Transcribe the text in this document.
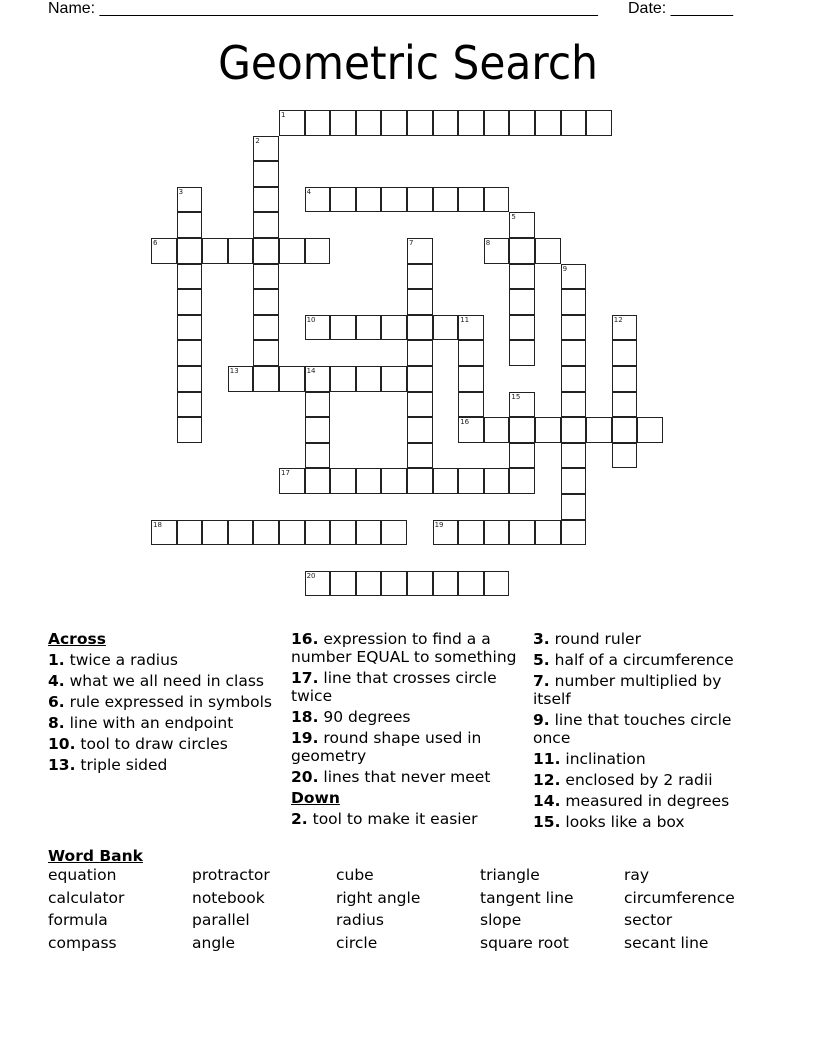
Name: ________________________________________________________ Date: _______
Geometric Search
1
2
3	4
5
6	7	8
9
10	11
16
12
13	14
15
17
18	19
20
Across
1. twice a radius
4. what we all need in class
6. rule expressed in symbols
8. line with an endpoint
10. tool to draw circles
13. triple sided
16. expression to find a a number EQUAL to something
17. line that crosses circle twice
18. 90 degrees
19. round shape used in geometry
20. lines that never meet
Down
2. tool to make it easier
3. round ruler
5. half of a circumference
7. number multiplied by itself
9. line that touches circle once
11. inclination
12. enclosed by 2 radii
14. measured in degrees
15. looks like a box
Word Bank
equation	protractor	cube	triangle	ray
calculator	notebook	right angle	tangent line	circumference
formula	parallel	radius	slope	sector
compass	angle	circle	square root	secant line
